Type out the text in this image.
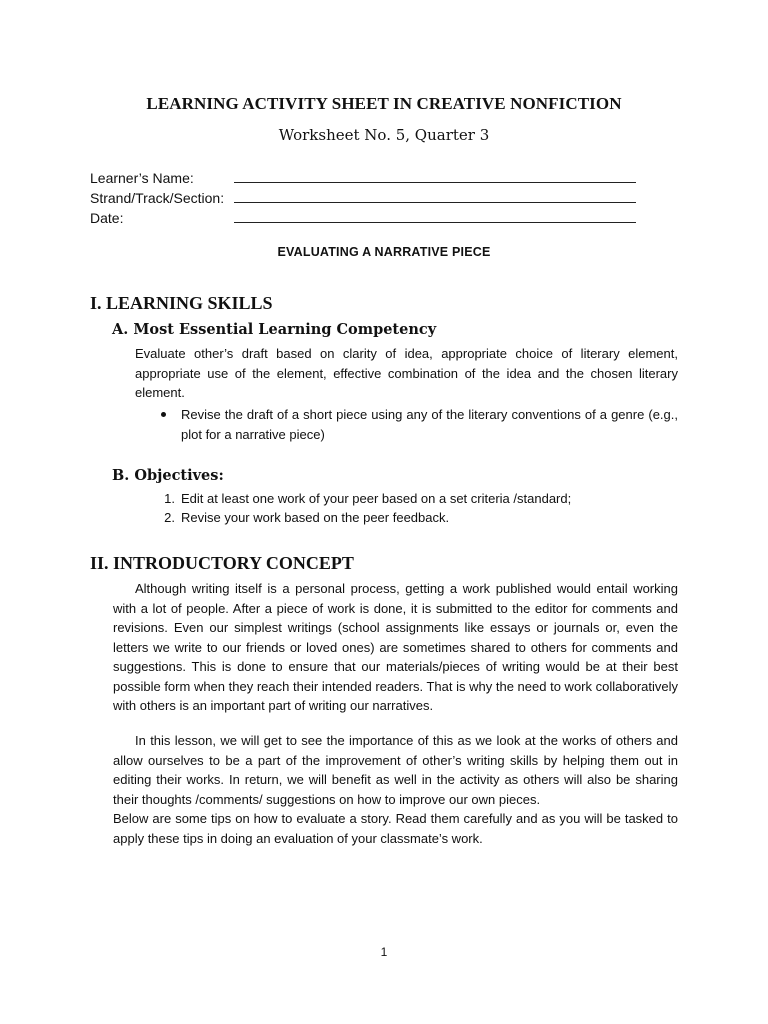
LEARNING ACTIVITY SHEET IN CREATIVE NONFICTION
Worksheet No. 5, Quarter 3
Learner’s Name:
Strand/Track/Section:
Date:
EVALUATING A NARRATIVE PIECE
I. LEARNING SKILLS
A. Most Essential Learning Competency

Evaluate other’s draft based on clarity of idea, appropriate choice of literary element, appropriate use of the element, effective combination of the idea and the chosen literary element.

Revise the draft of a short piece using any of the literary conventions of a genre (e.g., plot for a narrative piece)
B. Objectives:
1. Edit at least one work of your peer based on a set criteria /standard;
2. Revise your work based on the peer feedback.
II. INTRODUCTORY CONCEPT

Although writing itself is a personal process, getting a work published would entail working with a lot of people. After a piece of work is done, it is submitted to the editor for comments and revisions. Even our simplest writings (school assignments like essays or journals or, even the letters we write to our friends or loved ones) are sometimes shared to others for comments and suggestions. This is done to ensure that our materials/pieces of writing would be at their best possible form when they reach their intended readers. That is why the need to work collaboratively with others is an important part of writing our narratives.

In this lesson, we will get to see the importance of this as we look at the works of others and allow ourselves to be a part of the improvement of other’s writing skills by helping them out in editing their works. In return, we will benefit as well in the activity as others will also be sharing their thoughts /comments/ suggestions on how to improve our own pieces.

Below are some tips on how to evaluate a story. Read them carefully and as you will be tasked to apply these tips in doing an evaluation of your classmate’s work.

1
